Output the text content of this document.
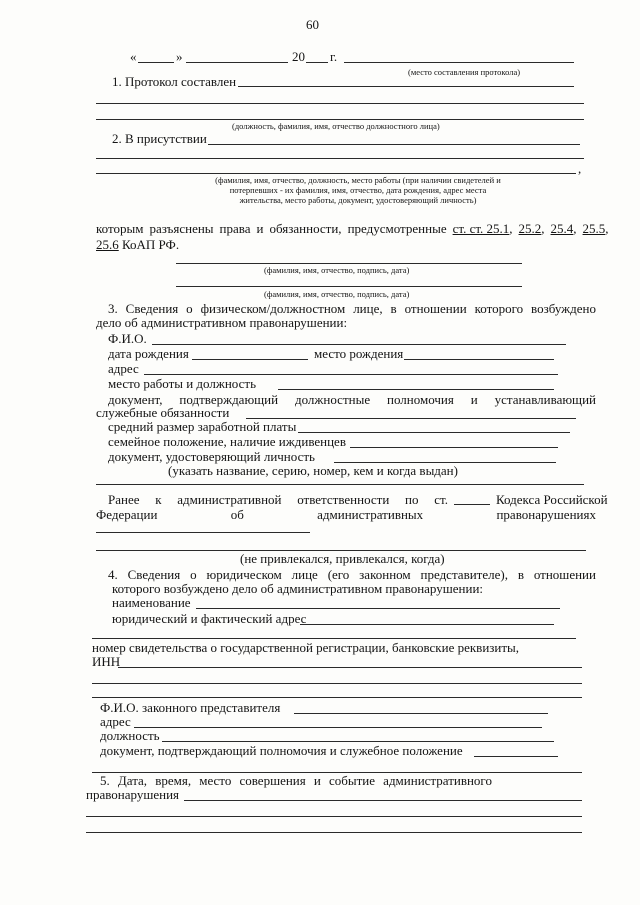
60
«	»	20 г.
(место составления протокола)
1. Протокол составлен
(должность, фамилия, имя, отчество должностного лица)
2. В присутствии
,
(фамилия, имя, отчество, должность, место работы (при наличии свидетелей и
потерпевших - их фамилия, имя, отчество, дата рождения, адрес места
жительства, место работы, документ, удостоверяющий личность)
которым разъяснены права и обязанности, предусмотренные ст. ст. 25.1, 25.2, 25.4, 25.5,
25.6 КоАП РФ.
(фамилия, имя, отчество, подпись, дата)
(фамилия, имя, отчество, подпись, дата)
3. Сведения о физическом/должностном лице, в отношении которого возбуждено
дело об административном правонарушении:
Ф.И.О.
дата рождения	место рождения
адрес
место работы и должность
документ, подтверждающий должностные полномочия и устанавливающий
служебные обязанности
средний размер заработной платы
семейное положение, наличие иждивенцев
документ, удостоверяющий личность
(указать название, серию, номер, кем и когда выдан)
Ранее к административной ответственности по ст.	Кодекса Российской
Федерации	об	административных	правонарушениях
(не привлекался, привлекался, когда)
4. Сведения о юридическом лице (его законном представителе), в отношении
которого возбуждено дело об административном правонарушении:
наименование
юридический и фактический адрес
номер свидетельства о государственной регистрации, банковские реквизиты,
ИНН
Ф.И.О. законного представителя
адрес
должность
документ, подтверждающий полномочия и служебное положение
5. Дата, время, место совершения и событие административного
правонарушения
